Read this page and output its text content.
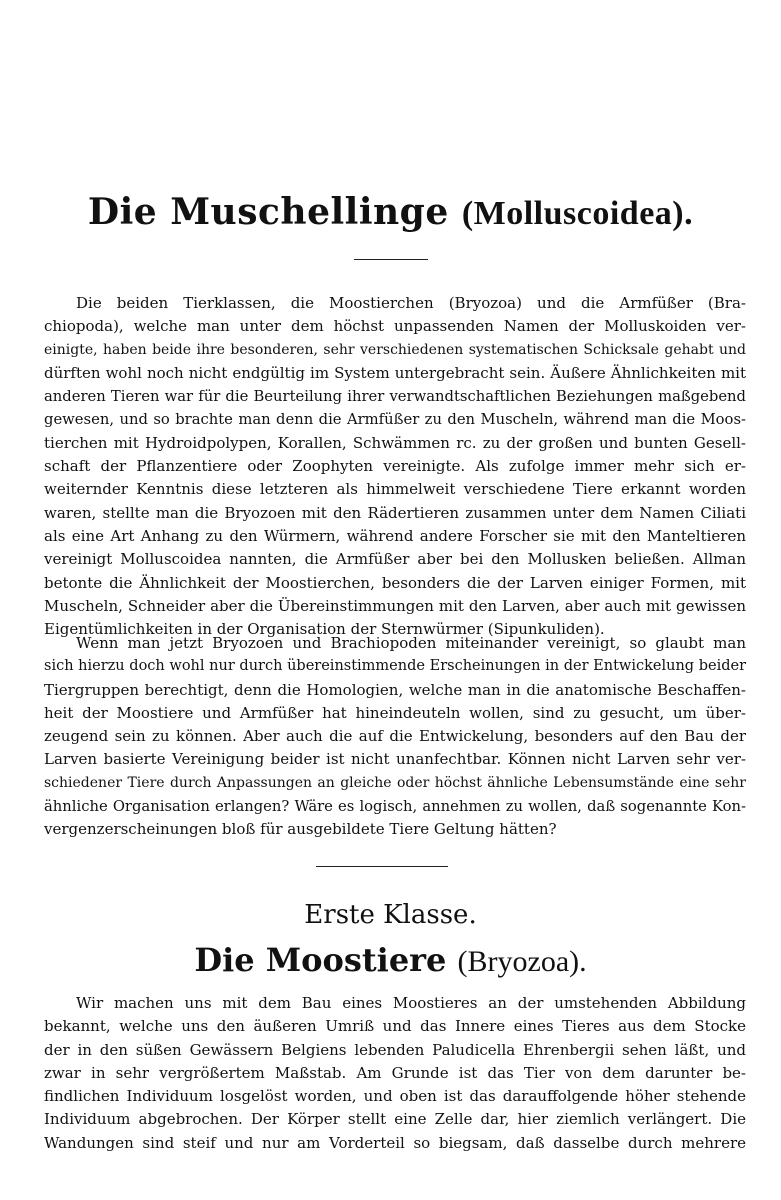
Die Muschellinge (Molluscoidea).
Die beiden Tierklassen, die Moostierchen (Bryozoa) und die Armfüßer (Bra-
chiopoda), welche man unter dem höchst unpassenden Namen der Molluskoiden ver-
einigte, haben beide ihre besonderen, sehr verschiedenen systematischen Schicksale gehabt und
dürften wohl noch nicht endgültig im System untergebracht sein. Äußere Ähnlichkeiten mit
anderen Tieren war für die Beurteilung ihrer verwandtschaftlichen Beziehungen maßgebend
gewesen, und so brachte man denn die Armfüßer zu den Muscheln, während man die Moos-
tierchen mit Hydroidpolypen, Korallen, Schwämmen rc. zu der großen und bunten Gesell-
schaft der Pflanzentiere oder Zoophyten vereinigte. Als zufolge immer mehr sich er-
weiternder Kenntnis diese letzteren als himmelweit verschiedene Tiere erkannt worden
waren, stellte man die Bryozoen mit den Rädertieren zusammen unter dem Namen Ciliati
als eine Art Anhang zu den Würmern, während andere Forscher sie mit den Manteltieren
vereinigt Molluscoidea nannten, die Armfüßer aber bei den Mollusken beließen. Allman
betonte die Ähnlichkeit der Moostierchen, besonders die der Larven einiger Formen, mit
Muscheln, Schneider aber die Übereinstimmungen mit den Larven, aber auch mit gewissen
Eigentümlichkeiten in der Organisation der Sternwürmer (Sipunkuliden).
Wenn man jetzt Bryozoen und Brachiopoden miteinander vereinigt, so glaubt man
sich hierzu doch wohl nur durch übereinstimmende Erscheinungen in der Entwickelung beider
Tiergruppen berechtigt, denn die Homologien, welche man in die anatomische Beschaffen-
heit der Moostiere und Armfüßer hat hineindeuteln wollen, sind zu gesucht, um über-
zeugend sein zu können. Aber auch die auf die Entwickelung, besonders auf den Bau der
Larven basierte Vereinigung beider ist nicht unanfechtbar. Können nicht Larven sehr ver-
schiedener Tiere durch Anpassungen an gleiche oder höchst ähnliche Lebensumstände eine sehr
ähnliche Organisation erlangen? Wäre es logisch, annehmen zu wollen, daß sogenannte Kon-
vergenzerscheinungen bloß für ausgebildete Tiere Geltung hätten?
Erste Klasse.
Die Moostiere (Bryozoa).
Wir machen uns mit dem Bau eines Moostieres an der umstehenden Abbildung
bekannt, welche uns den äußeren Umriß und das Innere eines Tieres aus dem Stocke
der in den süßen Gewässern Belgiens lebenden Paludicella Ehrenbergii sehen läßt, und
zwar in sehr vergrößertem Maßstab. Am Grunde ist das Tier von dem darunter be-
findlichen Individuum losgelöst worden, und oben ist das darauffolgende höher stehende
Individuum abgebrochen. Der Körper stellt eine Zelle dar, hier ziemlich verlängert. Die
Wandungen sind steif und nur am Vorderteil so biegsam, daß dasselbe durch mehrere
